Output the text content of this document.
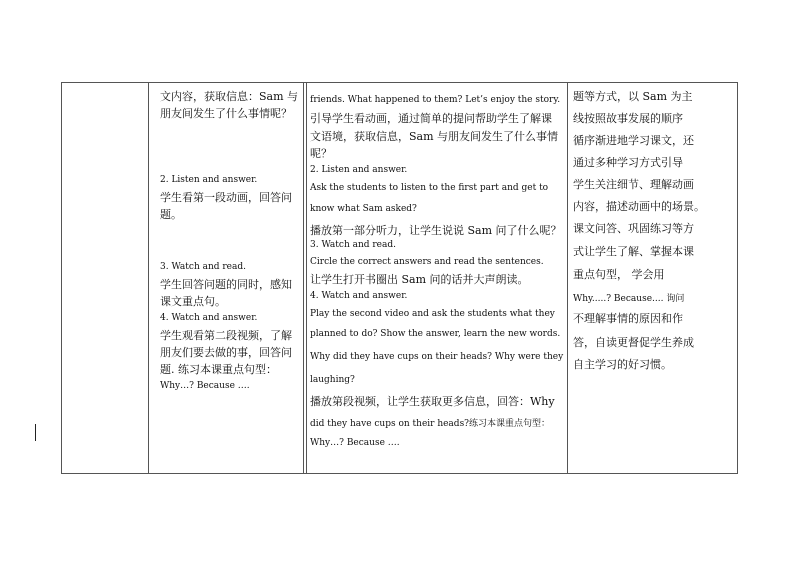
文内容，获取信息：Sam 与
朋友间发生了什么事情呢？
2. Listen and answer.
学生看第一段动画，回答问
题。
3. Watch and read.
学生回答问题的同时，感知
课文重点句。
4. Watch and answer.
学生观看第二段视频，了解
朋友们要去做的事，回答问
题. 练习本课重点句型：
Why…? Because ….
friends. What happened to them? Let’s enjoy the story.
引导学生看动画，通过简单的提问帮助学生了解课
文语境，获取信息，Sam 与朋友间发生了什么事情
呢？
2. Listen and answer.
Ask the students to listen to the first part and get to
know what Sam asked?
播放第一部分听力，让学生说说 Sam 问了什么呢？
3. Watch and read.
Circle the correct answers and read the sentences.
让学生打开书圈出 Sam 问的话并大声朗读。
4. Watch and answer.
Play the second video and ask the students what they
planned to do? Show the answer, learn the new words.
Why did they have cups on their heads? Why were they
laughing?
播放第段视频，让学生获取更多信息，回答：Why
did they have cups on their heads?练习本课重点句型：
Why…? Because ….
题等方式，以 Sam 为主
线按照故事发展的顺序
循序渐进地学习课文，还
通过多种学习方式引导
学生关注细节、理解动画
内容，描述动画中的场景。
课文问答、巩固练习等方
式让学生了解、掌握本课
重点句型， 学会用
Why.....? Because.... 询问
不理解事情的原因和作
答，自读更督促学生养成
自主学习的好习惯。
